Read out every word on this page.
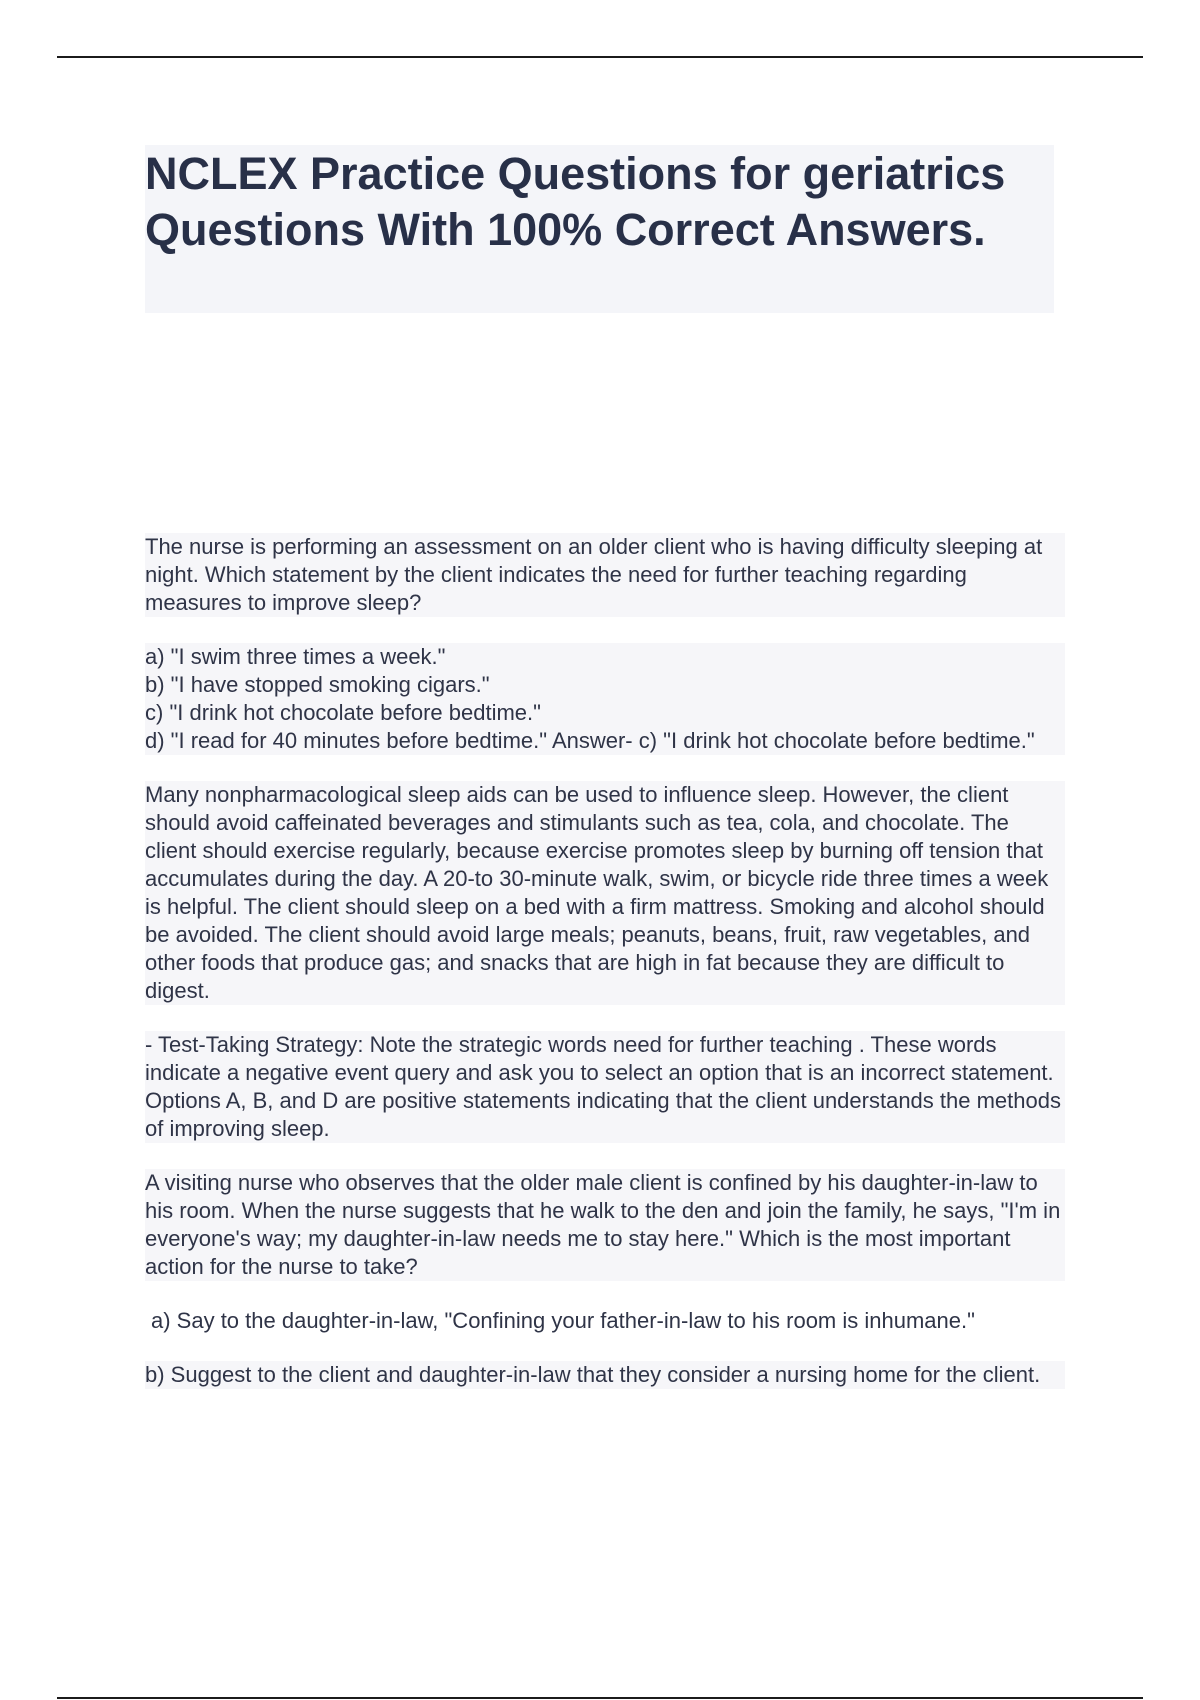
NCLEX Practice Questions for geriatrics Questions With 100% Correct Answers.

The nurse is performing an assessment on an older client who is having difficulty sleeping at night. Which statement by the client indicates the need for further teaching regarding measures to improve sleep?

a) "I swim three times a week."

b) "I have stopped smoking cigars."

c) "I drink hot chocolate before bedtime."

d) "I read for 40 minutes before bedtime." Answer- c) "I drink hot chocolate before bedtime."

Many nonpharmacological sleep aids can be used to influence sleep. However, the client should avoid caffeinated beverages and stimulants such as tea, cola, and chocolate. The client should exercise regularly, because exercise promotes sleep by burning off tension that accumulates during the day. A 20-to 30-minute walk, swim, or bicycle ride three times a week is helpful. The client should sleep on a bed with a firm mattress. Smoking and alcohol should be avoided. The client should avoid large meals; peanuts, beans, fruit, raw vegetables, and other foods that produce gas; and snacks that are high in fat because they are difficult to digest.

- Test-Taking Strategy: Note the strategic words need for further teaching . These words indicate a negative event query and ask you to select an option that is an incorrect statement. Options A, B, and D are positive statements indicating that the client understands the methods of improving sleep.

A visiting nurse who observes that the older male client is confined by his daughter-in-law to his room. When the nurse suggests that he walk to the den and join the family, he says, "I'm in everyone's way; my daughter-in-law needs me to stay here." Which is the most important action for the nurse to take?

a) Say to the daughter-in-law, "Confining your father-in-law to his room is inhumane."

b) Suggest to the client and daughter-in-law that they consider a nursing home for the client.
